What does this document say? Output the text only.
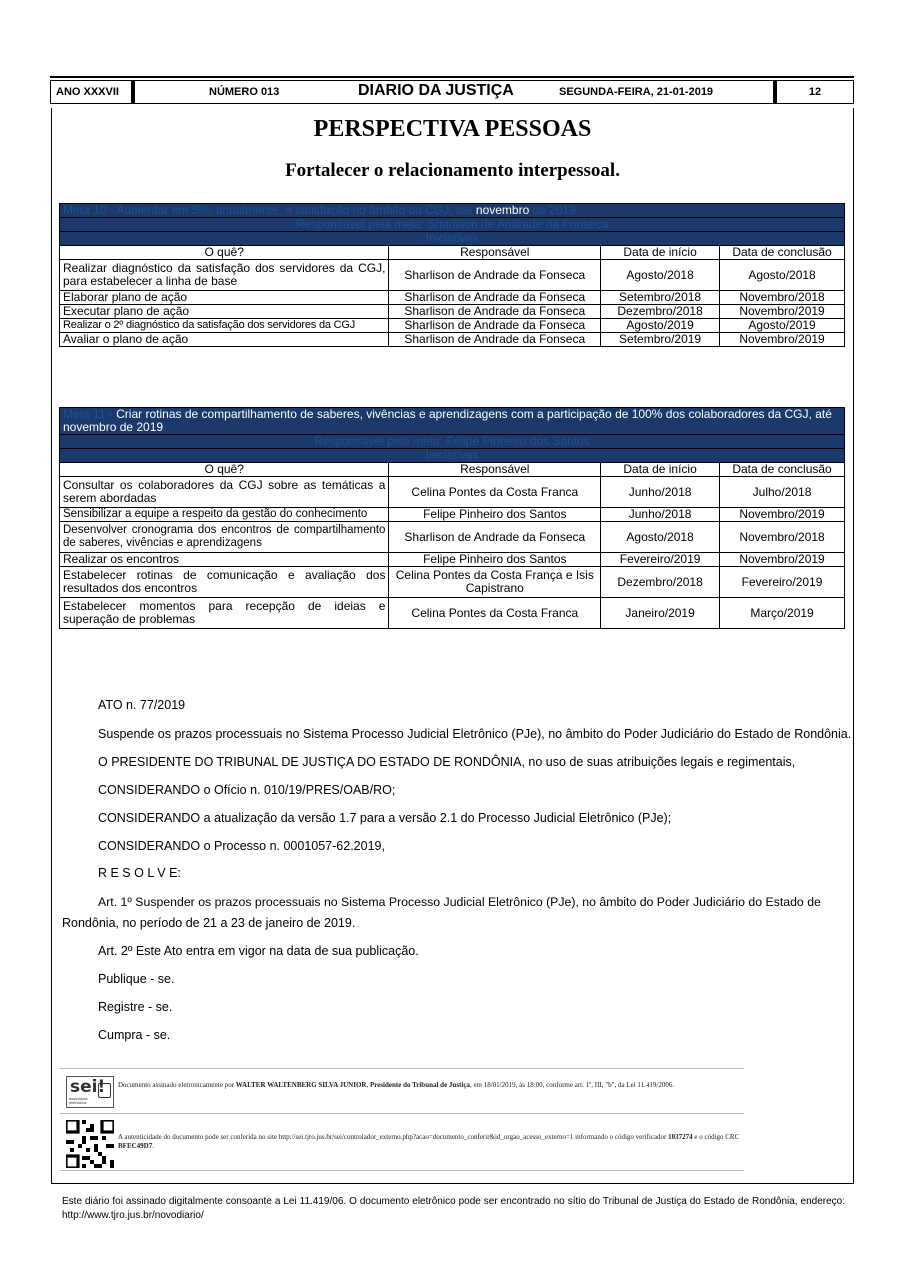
ANO XXXVII	NÚMERO 013	DIARIO DA JUSTIÇA	SEGUNDA-FEIRA, 21-01-2019	12
PERSPECTIVA PESSOAS
Fortalecer o relacionamento interpessoal.
Meta 10 - Aumentar em 5%, anualmente, a satisfação no âmbito da CGJ, até novembro de 2019			
Responsável pela meta: Sharlison de Andrade da Fonseca			
Iniciativas			
O quê?	Responsável	Data de início	Data de conclusão
Realizar diagnóstico da satisfação dos servidores da CGJ, para estabelecer a linha de base	Sharlison de Andrade da Fonseca	Agosto/2018	Agosto/2018
Elaborar plano de ação	Sharlison de Andrade da Fonseca	Setembro/2018	Novembro/2018
Executar plano de ação	Sharlison de Andrade da Fonseca	Dezembro/2018	Novembro/2019
Realizar o 2º diagnóstico da satisfação dos servidores da CGJ	Sharlison de Andrade da Fonseca	Agosto/2019	Agosto/2019
Avaliar o plano de ação	Sharlison de Andrade da Fonseca	Setembro/2019	Novembro/2019
Meta 11 - Criar rotinas de compartilhamento de saberes, vivências e aprendizagens com a participação de 100% dos colaboradores da CGJ, até novembro de 2019			
Responsável pela meta: Felipe Pinheiro dos Santos			
Iniciativas			
O quê?	Responsável	Data de início	Data de conclusão
Consultar os colaboradores da CGJ sobre as temáticas a serem abordadas	Celina Pontes da Costa Franca	Junho/2018	Julho/2018
Sensibilizar a equipe a respeito da gestão do conhecimento	Felipe Pinheiro dos Santos	Junho/2018	Novembro/2019
Desenvolver cronograma dos encontros de compartilhamento de saberes, vivências e aprendizagens	Sharlison de Andrade da Fonseca	Agosto/2018	Novembro/2018
Realizar os encontros	Felipe Pinheiro dos Santos	Fevereiro/2019	Novembro/2019
Estabelecer rotinas de comunicação e avaliação dos resultados dos encontros	Celina Pontes da Costa França e Isis Capistrano	Dezembro/2018	Fevereiro/2019
Estabelecer momentos para recepção de ideias e superação de problemas	Celina Pontes da Costa Franca	Janeiro/2019	Março/2019
ATO n. 77/2019
Suspende os prazos processuais no Sistema Processo Judicial Eletrônico (PJe), no âmbito do Poder Judiciário do Estado de Rondônia.
O PRESIDENTE DO TRIBUNAL DE JUSTIÇA DO ESTADO DE RONDÔNIA, no uso de suas atribuições legais e regimentais,
CONSIDERANDO o Ofício n. 010/19/PRES/OAB/RO;
CONSIDERANDO a atualização da versão 1.7 para a versão 2.1 do Processo Judicial Eletrônico (PJe);
CONSIDERANDO o Processo n. 0001057-62.2019,
R E S O L V E:
Art. 1º Suspender os prazos processuais no Sistema Processo Judicial Eletrônico (PJe), no âmbito do Poder Judiciário do Estado de
Rondônia, no período de 21 a 23 de janeiro de 2019.
Art. 2º Este Ato entra em vigor na data de sua publicação.
Publique - se.
Registre - se.
Cumpra - se.
sei!
assinatura eletrônica
Documento assinado eletronicamente por WALTER WALTENBERG SILVA JUNIOR, Presidente do Tribunal de Justiça, em 18/01/2019, às 18:00, conforme art. 1º, III, "b", da Lei 11.419/2006.
A autenticidade do documento pode ser conferida no site http://sei.tjro.jus.br/sei/controlador_externo.php?acao=documento_conferir&id_orgao_acesso_externo=1 informando o código verificador 1037274 e o código CRC BFEC49D7.
Este diário foi assinado digitalmente consoante a Lei 11.419/06. O documento eletrônico pode ser encontrado no sítio do Tribunal de Justiça do Estado de Rondônia, endereço: http://www.tjro.jus.br/novodiario/
